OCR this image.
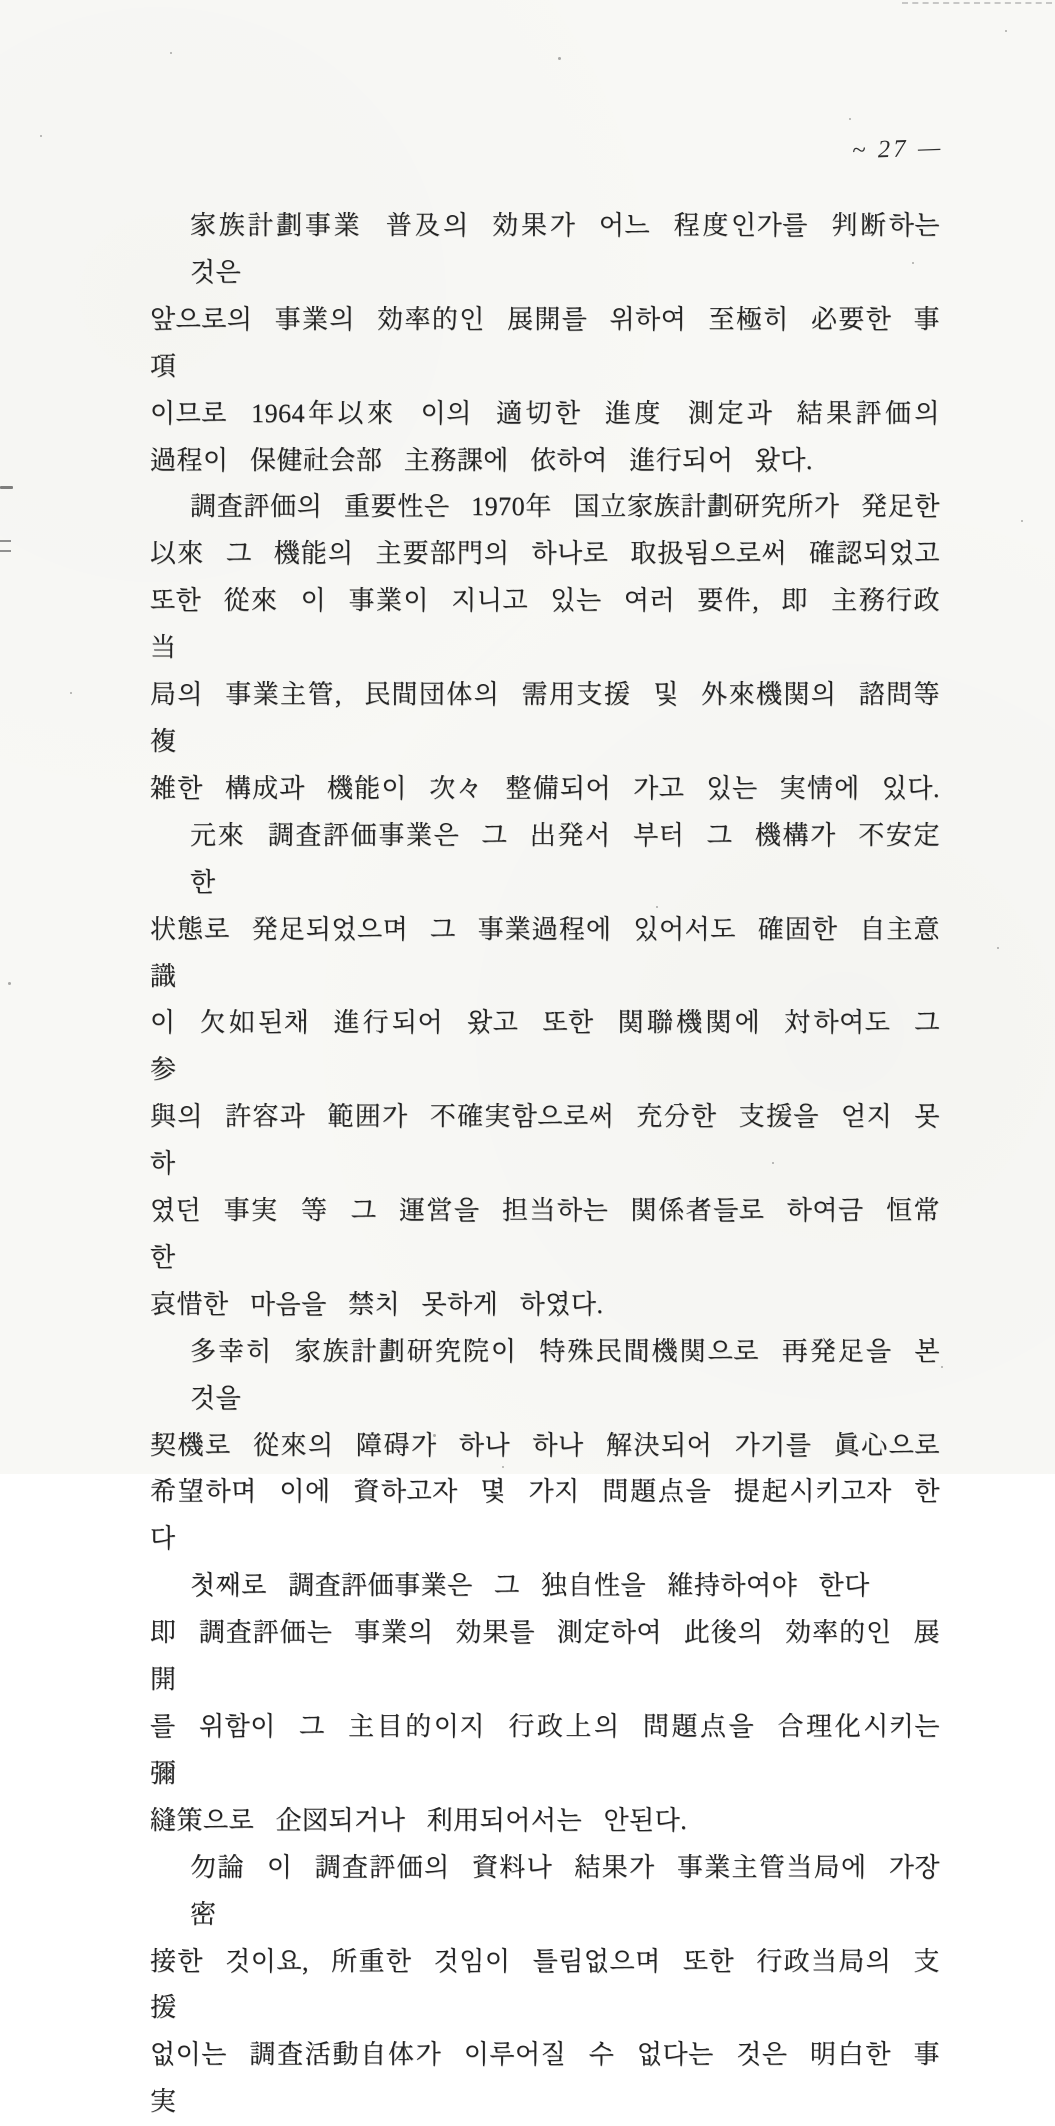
~ 27 —
家族計劃事業 普及의 効果가 어느 程度인가를 判断하는 것은
앞으로의 事業의 効率的인 展開를 위하여 至極히 必要한 事項
이므로 1964年以來 이의 適切한 進度 測定과 結果評価의
過程이 保健社会部 主務課에 依하여 進行되어 왔다.
調査評価의 重要性은 1970年 国立家族計劃研究所가 発足한
以來 그 機能의 主要部門의 하나로 取扱됨으로써 確認되었고
또한 從來 이 事業이 지니고 있는 여러 要件, 即 主務行政当
局의 事業主管, 民間団体의 需用支援 및 外來機関의 諮問等 複
雑한 構成과 機能이 次々 整備되어 가고 있는 実情에 있다.
元來 調査評価事業은 그 出発서 부터 그 機構가 不安定한
状態로 発足되었으며 그 事業過程에 있어서도 確固한 自主意識
이 欠如된채 進行되어 왔고 또한 関聯機関에 対하여도 그 参
與의 許容과 範囲가 不確実함으로써 充分한 支援을 얻지 못하
였던 事実 等 그 運営을 担当하는 関係者들로 하여금 恒常한
哀惜한 마음을 禁치 못하게 하였다.
多幸히 家族計劃研究院이 特殊民間機関으로 再発足을 본 것을
契機로 從來의 障碍가 하나 하나 解決되어 가기를 眞心으로
希望하며 이에 資하고자 몇 가지 問題点을 提起시키고자 한다
첫째로 調査評価事業은 그 独自性을 維持하여야 한다
即 調査評価는 事業의 効果를 測定하여 此後의 効率的인 展開
를 위함이 그 主目的이지 行政上의 問題点을 合理化시키는 彌
縫策으로 企図되거나 利用되어서는 안된다.
勿論 이 調査評価의 資料나 結果가 事業主管当局에 가장 密
接한 것이요, 所重한 것임이 틀림없으며 또한 行政当局의 支援
없이는 調査活動自体가 이루어질 수 없다는 것은 明白한 事実
